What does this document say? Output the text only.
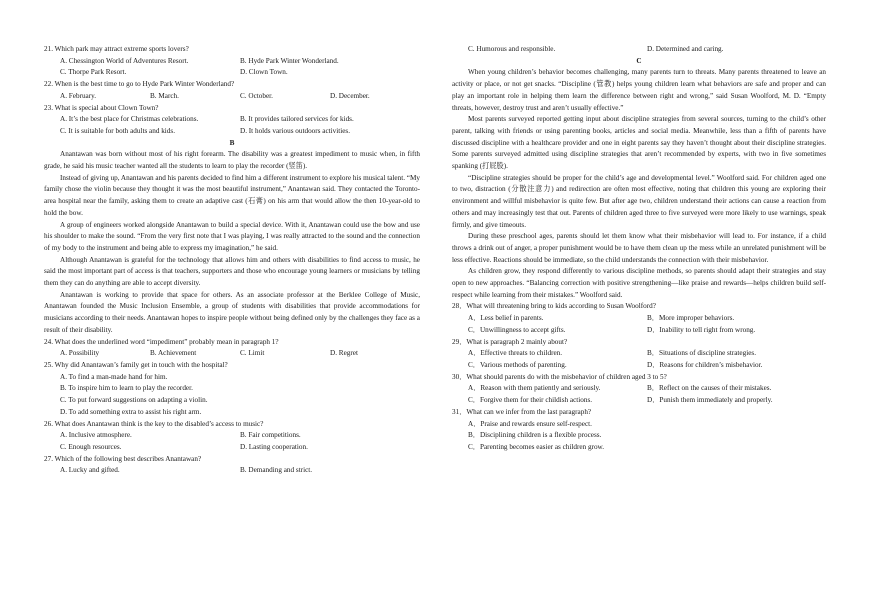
21. Which park may attract extreme sports lovers?

A. Chessington World of Adventures Resort.	B. Hyde Park Winter Wonderland.
C. Thorpe Park Resort.	D. Clown Town.

22. When is the best time to go to Hyde Park Winter Wonderland?

A. February.	B. March.	C. October.	D. December.

23. What is special about Clown Town?

A. It’s the best place for Christmas celebrations.	B. It provides tailored services for kids.
C. It is suitable for both adults and kids.	D. It holds various outdoors activities.

B

Anantawan was born without most of his right forearm. The disability was a greatest impediment to music when, in fifth grade, he said his music teacher wanted all the students to learn to play the recorder (竖笛).

Instead of giving up, Anantawan and his parents decided to find him a different instrument to explore his musical talent. “My family chose the violin because they thought it was the most beautiful instrument,” Anantawan said. They contacted the Toronto-area hospital near the family, asking them to create an adaptive cast (石膏) on his arm that would allow the then 10-year-old to hold the bow.

A group of engineers worked alongside Anantawan to build a special device. With it, Anantawan could use the bow and use his shoulder to make the sound. “From the very first note that I was playing, I was really attracted to the sound and the connection of my body to the instrument and being able to express my imagination,” he said.

Although Anantawan is grateful for the technology that allows him and others with disabilities to find access to music, he said the most important part of access is that teachers, supporters and those who encourage young learners or musicians by telling them they can do anything are able to accept diversity.

Anantawan is working to provide that space for others. As an associate professor at the Berklee College of Music, Anantawan founded the Music Inclusion Ensemble, a group of students with disabilities that provide accommodations for musicians according to their needs. Anantawan hopes to inspire people without being defined only by the challenges they face as a result of their disability.

24. What does the underlined word “impediment” probably mean in paragraph 1?

A. Possibility	B. Achievement	C. Limit	D. Regret

25. Why did Anantawan’s family get in touch with the hospital?

A. To find a man-made hand for him.

B. To inspire him to learn to play the recorder.

C. To put forward suggestions on adapting a violin.

D. To add something extra to assist his right arm.

26. What does Anantawan think is the key to the disabled’s access to music?

A. Inclusive atmosphere.	B. Fair competitions.
C. Enough resources.	D. Lasting cooperation.

27. Which of the following best describes Anantawan?

A. Lucky and gifted.	B. Demanding and strict.
C. Humorous and responsible.	D. Determined and caring.

C

When young children’s behavior becomes challenging, many parents turn to threats. Many parents threatened to leave an activity or place, or not get snacks. “Discipline (管教) helps young children learn what behaviors are safe and proper and can play an important role in helping them learn the difference between right and wrong,” said Susan Woolford, M. D. “Empty threats, however, destroy trust and aren’t usually effective.”

Most parents surveyed reported getting input about discipline strategies from several sources, turning to the child’s other parent, talking with friends or using parenting books, articles and social media. Meanwhile, less than a fifth of parents have discussed discipline with a healthcare provider and one in eight parents say they haven’t thought about their discipline strategies. Some parents surveyed admitted using discipline strategies that aren’t recommended by experts, with two in five sometimes spanking (打屁股).

“Discipline strategies should be proper for the child’s age and developmental level.” Woolford said. For children aged one to two, distraction (分散注意力) and redirection are often most effective, noting that children this young are exploring their environment and willful misbehavior is quite few. But after age two, children understand their actions can cause a reaction from others and may increasingly test that out. Parents of children aged three to five surveyed were more likely to use warnings, speak firmly, and give timeouts.

During these preschool ages, parents should let them know what their misbehavior will lead to. For instance, if a child throws a drink out of anger, a proper punishment would be to have them clean up the mess while an unrelated punishment will be less effective. Reactions should be immediate, so the child understands the connection with their misbehavior.

As children grow, they respond differently to various discipline methods, so parents should adapt their strategies and stay open to new approaches. “Balancing correction with positive strengthening—like praise and rewards—helps children build self-respect while learning from their mistakes.” Woolford said.

28．What will threatening bring to kids according to Susan Woolford?

A．Less belief in parents.	B．More improper behaviors.
C．Unwillingness to accept gifts.	D．Inability to tell right from wrong.

29．What is paragraph 2 mainly about?

A．Effective threats to children.	B．Situations of discipline strategies.
C．Various methods of parenting.	D．Reasons for children’s misbehavior.

30．What should parents do with the misbehavior of children aged 3 to 5?

A．Reason with them patiently and seriously.	B．Reflect on the causes of their mistakes.
C．Forgive them for their childish actions.	D．Punish them immediately and properly.

31．What can we infer from the last paragraph?

A．Praise and rewards ensure self-respect.

B．Disciplining children is a flexible process.

C．Parenting becomes easier as children grow.
